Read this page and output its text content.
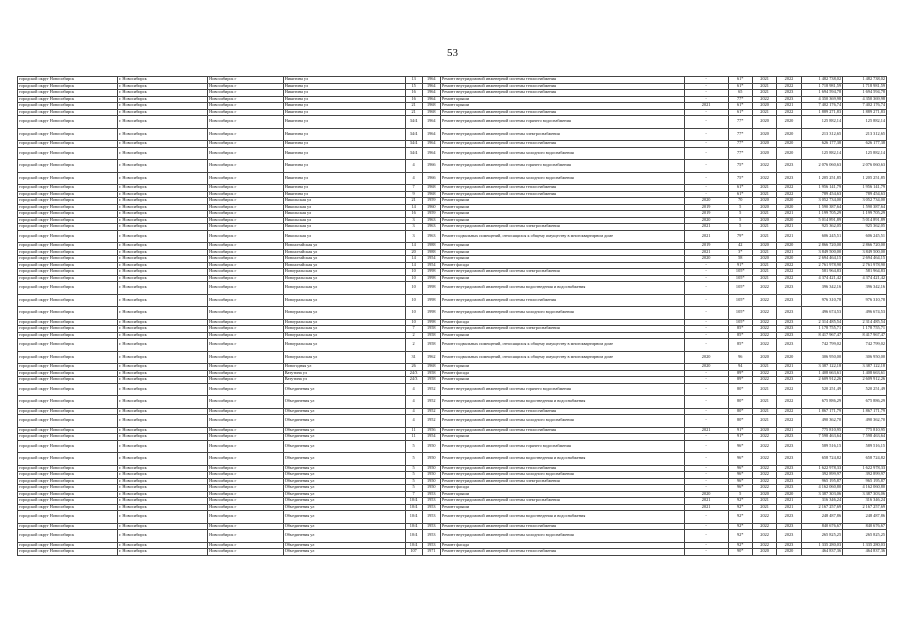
53
городской округ Новосибирск	г. Новосибирск	Новосибирск г	Никитина ул	13	1964	Ремонт внутридомовой инженерной системы теплоснабжения	-	61*	2021	2022	1 482 738,02	1 482 738,02
городской округ Новосибирск	г. Новосибирск	Новосибирск г	Никитина ул	15	1964	Ремонт внутридомовой инженерной системы теплоснабжения	-	61*	2021	2022	1 718 981,59	1 718 981,59
городской округ Новосибирск	г. Новосибирск	Новосибирск г	Никитина ул	16	1964	Ремонт внутридомовой инженерной системы теплоснабжения	-	65	2021	2023	1 694 594,78	1 694 594,78
городской округ Новосибирск	г. Новосибирск	Новосибирск г	Никитина ул	16	1964	Ремонт крыши	-	77*	2022	2023	4 350 369,98	4 350 369,98
городской округ Новосибирск	г. Новосибирск	Новосибирск г	Никитина ул	21	1968	Ремонт крыши	2021	61*	2020	2021	7 402 176,74	7 402 176,74
городской округ Новосибирск	г. Новосибирск	Новосибирск г	Никитина ул	21	1968	Ремонт внутридомовой инженерной системы теплоснабжения	-	61*	2021	2022	1 889 271,83	1 889 271,83
городской округ Новосибирск	г. Новосибирск	Новосибирск г	Никитина ул	34/4	1964	Ремонт внутридомовой инженерной системы горячего водоснабжения	-	77*	2020	2020	125 882,14	125 882,14
городской округ Новосибирск	г. Новосибирск	Новосибирск г	Никитина ул	34/4	1964	Ремонт внутридомовой инженерной системы электроснабжения	-	77*	2020	2020	213 312,65	213 312,65
городской округ Новосибирск	г. Новосибирск	Новосибирск г	Никитина ул	34/4	1964	Ремонт внутридомовой инженерной системы теплоснабжения	-	77*	2020	2020	626 177,38	626 177,38
городской округ Новосибирск	г. Новосибирск	Новосибирск г	Никитина ул	34/4	1964	Ремонт внутридомовой инженерной системы холодного водоснабжения	-	77*	2020	2020	125 882,14	125 882,14
городской округ Новосибирск	г. Новосибирск	Новосибирск г	Никитина ул	4	1966	Ремонт внутридомовой инженерной системы горячего водоснабжения	-	75*	2022	2023	2 076 060,63	2 076 060,63
городской округ Новосибирск	г. Новосибирск	Новосибирск г	Никитина ул	4	1966	Ремонт внутридомовой инженерной системы холодного водоснабжения	-	75*	2022	2023	1 205 251,85	1 205 251,85
городской округ Новосибирск	г. Новосибирск	Новосибирск г	Никитина ул	7	1968	Ремонт внутридомовой инженерной системы теплоснабжения	-	61*	2021	2022	1 956 141,79	1 956 141,79
городской округ Новосибирск	г. Новосибирск	Новосибирск г	Никитина ул	9	1968	Ремонт внутридомовой инженерной системы теплоснабжения	-	61*	2021	2022	789 454,63	789 454,63
городской округ Новосибирск	г. Новосибирск	Новосибирск г	Никольская ул	21	1959	Ремонт крыши	2020	70	2020	2020	3 052 734,00	3 052 734,00
городской округ Новосибирск	г. Новосибирск	Новосибирск г	Никольская ул	14	1960	Ремонт крыши	2019	5	2020	2020	1 590 387,64	1 590 387,64
городской округ Новосибирск	г. Новосибирск	Новосибирск г	Никольская ул	16	1959	Ремонт крыши	2019	5	2021	2021	1 199 705,29	1 199 705,29
городской округ Новосибирск	г. Новосибирск	Новосибирск г	Никольская ул	3	1963	Ремонт крыши	2020	5	2020	2020	5 014 891,89	5 014 891,89
городской округ Новосибирск	г. Новосибирск	Новосибирск г	Никольская ул	3	1963	Ремонт внутридомовой инженерной системы электроснабжения	2021	5	2021	2021	925 362,05	925 362,05
городской округ Новосибирск	г. Новосибирск	Новосибирск г	Никольская ул	3	1963	Ремонт подвальных помещений, относящихся к общему имуществу в многоквартирном доме	2021	79*	2021	2021	606 245,51	606 245,51
городской округ Новосибирск	г. Новосибирск	Новосибирск г	Новоалтайская ул	14	1988	Ремонт крыши	2019	42	2020	2020	2 866 720,00	2 866 720,00
городской округ Новосибирск	г. Новосибирск	Новосибирск г	Новоалтайская ул	20	1988	Ремонт крыши	2021	3*	2021	2021	3 849 500,00	3 849 500,00
городской округ Новосибирск	г. Новосибирск	Новосибирск г	Новоалтайская ул	14	1954	Ремонт крыши	2020	58	2020	2020	2 694 464,15	2 694 464,15
городской округ Новосибирск	г. Новосибирск	Новосибирск г	Новоалтайская ул	14	1954	Ремонт фасада	-	91*	2021	2022	2 761 978,90	2 761 978,90
городской округ Новосибирск	г. Новосибирск	Новосибирск г	Новоуральская ул	10	1998	Ремонт внутридомовой инженерной системы электроснабжения	-	105*	2021	2022	581 964,83	581 964,83
городской округ Новосибирск	г. Новосибирск	Новосибирск г	Новоуральская ул	10	1998	Ремонт крыши	-	105*	2021	2022	4 374 421,42	4 374 421,42
городской округ Новосибирск	г. Новосибирск	Новосибирск г	Новоуральская ул	10	1998	Ремонт внутридомовой инженерной системы водоотведения и водоснабжения	-	105*	2022	2023	396 342,16	396 342,16
городской округ Новосибирск	г. Новосибирск	Новосибирск г	Новоуральская ул	10	1998	Ремонт внутридомовой инженерной системы теплоснабжения	-	105*	2022	2023	976 310,78	976 310,78
городской округ Новосибирск	г. Новосибирск	Новосибирск г	Новоуральская ул	10	1998	Ремонт внутридомовой инженерной системы холодного водоснабжения	-	105*	2022	2023	496 674,53	496 674,53
городской округ Новосибирск	г. Новосибирск	Новосибирск г	Новоуральская ул	10	1998	Ремонт фасада	-	105*	2022	2023	2 314 485,54	2 314 485,54
городской округ Новосибирск	г. Новосибирск	Новосибирск г	Новоуральская ул	7	1958	Ремонт внутридомовой инженерной системы электроснабжения	-	85*	2022	2023	1 178 755,71	1 178 755,71
городской округ Новосибирск	г. Новосибирск	Новосибирск г	Новоуральская ул	2	1958	Ремонт крыши	-	85*	2022	2023	8 417 967,47	8 417 967,47
городской округ Новосибирск	г. Новосибирск	Новосибирск г	Новоуральская ул	2	1958	Ремонт подвальных помещений, относящихся к общему имуществу в многоквартирном доме	-	85*	2022	2023	742 799,02	742 799,02
городской округ Новосибирск	г. Новосибирск	Новосибирск г	Новоуральская ул	31	1962	Ремонт подвальных помещений, относящихся к общему имуществу в многоквартирном доме	2020	96	2020	2020	306 950,00	306 950,00
городской округ Новосибирск	г. Новосибирск	Новосибирск г	Новогодняя ул	26	1968	Ремонт крыши	2020	94	2021	2021	3 387 122,18	3 387 122,18
городской округ Новосибирск	г. Новосибирск	Новосибирск г	Ватутина ул	24/3	1958	Ремонт фасада	-	89*	2022	2023	1 408 663,61	1 408 663,61
городской округ Новосибирск	г. Новосибирск	Новосибирск г	Ватутина ул	24/3	1958	Ремонт крыши	-	89*	2022	2023	2 609 912,26	2 609 912,26
городской округ Новосибирск	г. Новосибирск	Новосибирск г	Объединения ул	4	1952	Ремонт внутридомовой инженерной системы горячего водоснабжения	-	80*	2021	2022	520 251,49	520 251,49
городской округ Новосибирск	г. Новосибирск	Новосибирск г	Объединения ул	4	1952	Ремонт внутридомовой инженерной системы водоотведения и водоснабжения	-	80*	2021	2022	675 886,29	675 886,29
городской округ Новосибирск	г. Новосибирск	Новосибирск г	Объединения ул	4	1952	Ремонт внутридомовой инженерной системы теплоснабжения	-	80*	2021	2022	1 867 171,79	1 867 171,79
городской округ Новосибирск	г. Новосибирск	Новосибирск г	Объединения ул	4	1952	Ремонт внутридомовой инженерной системы холодного водоснабжения	-	80*	2021	2022	490 362,70	490 362,70
городской округ Новосибирск	г. Новосибирск	Новосибирск г	Объединения ул	11	1956	Ремонт внутридомовой инженерной системы теплоснабжения	2021	91*	2020	2021	775 810,95	775 810,95
городской округ Новосибирск	г. Новосибирск	Новосибирск г	Объединения ул	11	1954	Ремонт крыши	-	91*	2022	2023	7 598 463,64	7 598 463,64
городской округ Новосибирск	г. Новосибирск	Новосибирск г	Объединения ул	5	1950	Ремонт внутридомовой инженерной системы горячего водоснабжения	-	96*	2022	2023	589 516,15	589 516,15
городской округ Новосибирск	г. Новосибирск	Новосибирск г	Объединения ул	5	1950	Ремонт внутридомовой инженерной системы водоотведения и водоснабжения	-	96*	2022	2023	658 724,82	658 724,82
городской округ Новосибирск	г. Новосибирск	Новосибирск г	Объединения ул	5	1950	Ремонт внутридомовой инженерной системы теплоснабжения	-	96*	2022	2023	1 622 978,33	1 622 978,33
городской округ Новосибирск	г. Новосибирск	Новосибирск г	Объединения ул	5	1950	Ремонт внутридомовой инженерной системы холодного водоснабжения	-	96*	2022	2023	392 899,97	392 899,97
городской округ Новосибирск	г. Новосибирск	Новосибирск г	Объединения ул	5	1950	Ремонт внутридомовой инженерной системы электроснабжения	-	96*	2022	2023	965 195,87	965 195,87
городской округ Новосибирск	г. Новосибирск	Новосибирск г	Объединения ул	5	1950	Ремонт фасада	-	96*	2022	2023	4 162 060,80	4 162 060,80
городской округ Новосибирск	г. Новосибирск	Новосибирск г	Объединения ул	7	1953	Ремонт крыши	2020	5	2020	2020	3 387 303,06	3 387 303,06
городской округ Новосибирск	г. Новосибирск	Новосибирск г	Объединения ул	10/4	1953	Ремонт внутридомовой инженерной системы электроснабжения	2021	92*	2021	2021	316 346,24	316 346,24
городской округ Новосибирск	г. Новосибирск	Новосибирск г	Объединения ул	10/4	1953	Ремонт крыши	2021	92*	2021	2021	2 167 257,69	2 167 257,69
городской округ Новосибирск	г. Новосибирск	Новосибирск г	Объединения ул	10/4	1953	Ремонт внутридомовой инженерной системы водоотведения и водоснабжения	-	92*	2022	2023	248 487,86	248 487,86
городской округ Новосибирск	г. Новосибирск	Новосибирск г	Объединения ул	10/4	1953	Ремонт внутридомовой инженерной системы теплоснабжения	-	92*	2022	2023	840 676,67	840 676,67
городской округ Новосибирск	г. Новосибирск	Новосибирск г	Объединения ул	10/4	1953	Ремонт внутридомовой инженерной системы холодного водоснабжения	-	92*	2022	2023	265 825,25	265 825,25
городской округ Новосибирск	г. Новосибирск	Новосибирск г	Объединения ул	10/4	1953	Ремонт фасада	-	92*	2022	2023	1 335 280,03	1 335 280,03
городской округ Новосибирск	г. Новосибирск	Новосибирск г	Объединения ул	107	1971	Ремонт внутридомовой инженерной системы теплоснабжения	-	90*	2020	2020	464 837,36	464 837,36
